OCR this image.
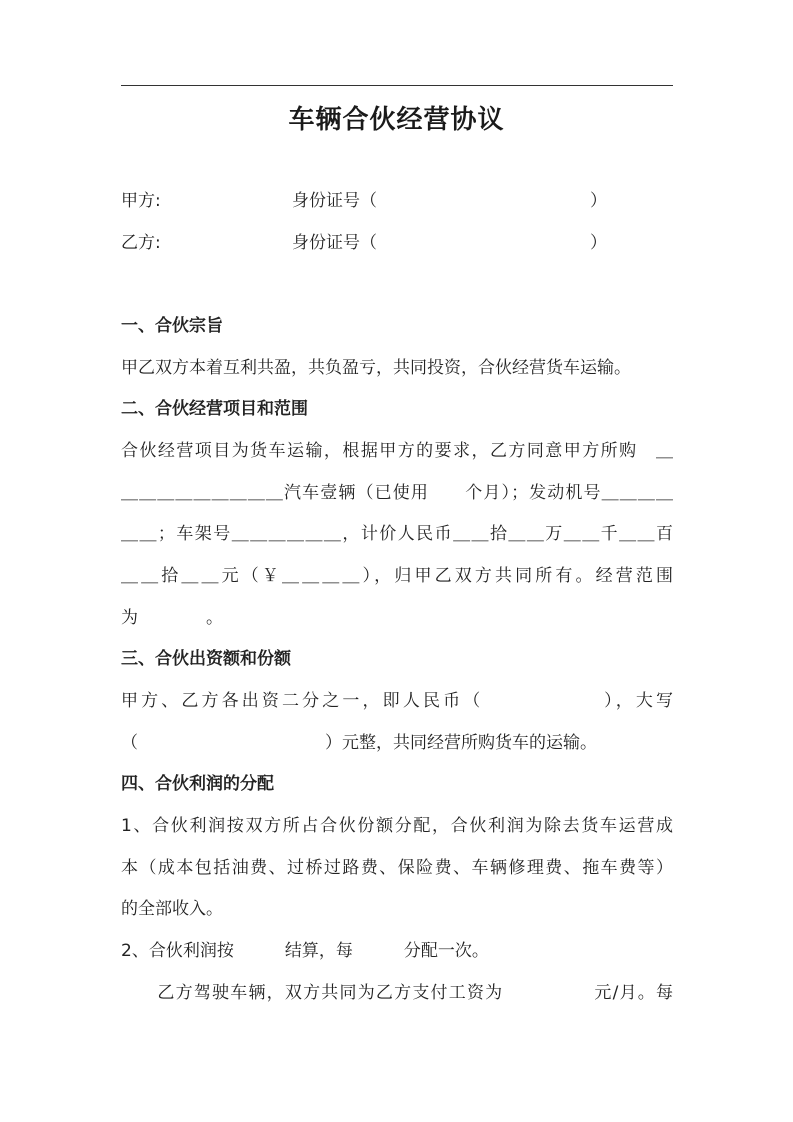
车辆合伙经营协议
甲方:	身份证号（	）
乙方:	身份证号（	）
一、合伙宗旨
甲乙双方本着互利共盈，共负盈亏，共同投资，合伙经营货车运输。
二、合伙经营项目和范围
合伙经营项目为货车运输，根据甲方的要求，乙方同意甲方所购　＿
＿＿＿＿＿＿＿＿＿汽车壹辆（已使用　　个月）；发动机号＿＿＿＿
＿＿；车架号＿＿＿＿＿＿，计价人民币＿＿拾＿＿万＿＿千＿＿百
＿＿拾＿＿元（￥＿＿＿＿），归甲乙双方共同所有。经营范围
为　　　　。
三、合伙出资额和份额
甲方、乙方各出资二分之一，即人民币（　　　　　　），大写
（　　　　　　　　　　　）元整，共同经营所购货车的运输。
四、合伙利润的分配
1、合伙利润按双方所占合伙份额分配，合伙利润为除去货车运营成
本（成本包括油费、过桥过路费、保险费、车辆修理费、拖车费等）
的全部收入。
2、合伙利润按　　　结算，每　　　分配一次。
　　乙方驾驶车辆，双方共同为乙方支付工资为　　　　　元/月。每
